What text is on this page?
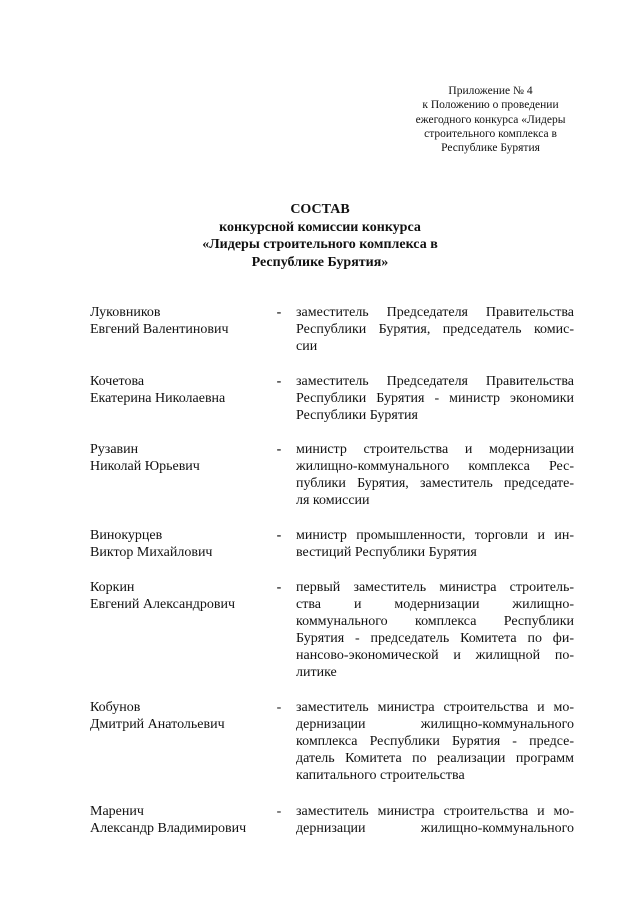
Приложение № 4
к Положению о проведении
ежегодного конкурса «Лидеры
строительного комплекса в
Республике Бурятия
СОСТАВ
конкурсной комиссии конкурса
«Лидеры строительного комплекса в
Республике Бурятия»
Луковников
Евгений Валентинович
- заместитель Председателя Правительства
Республики Бурятия, председатель комис-
сии
Кочетова
Екатерина Николаевна
- заместитель Председателя Правительства
Республики Бурятия - министр экономики
Республики Бурятия
Рузавин
Николай Юрьевич
- министр строительства и модернизации
жилищно-коммунального комплекса Рес-
публики Бурятия, заместитель председате-
ля комиссии
Винокурцев
Виктор Михайлович
- министр промышленности, торговли и ин-
вестиций Республики Бурятия
Коркин
Евгений Александрович
- первый заместитель министра строитель-
ства и модернизации жилищно-
коммунального комплекса Республики
Бурятия - председатель Комитета по фи-
нансово-экономической и жилищной по-
литике
Кобунов
Дмитрий Анатольевич
- заместитель министра строительства и мо-
дернизации жилищно-коммунального
комплекса Республики Бурятия - предсе-
датель Комитета по реализации программ
капитального строительства
Маренич
Александр Владимирович
- заместитель министра строительства и мо-
дернизации жилищно-коммунального
